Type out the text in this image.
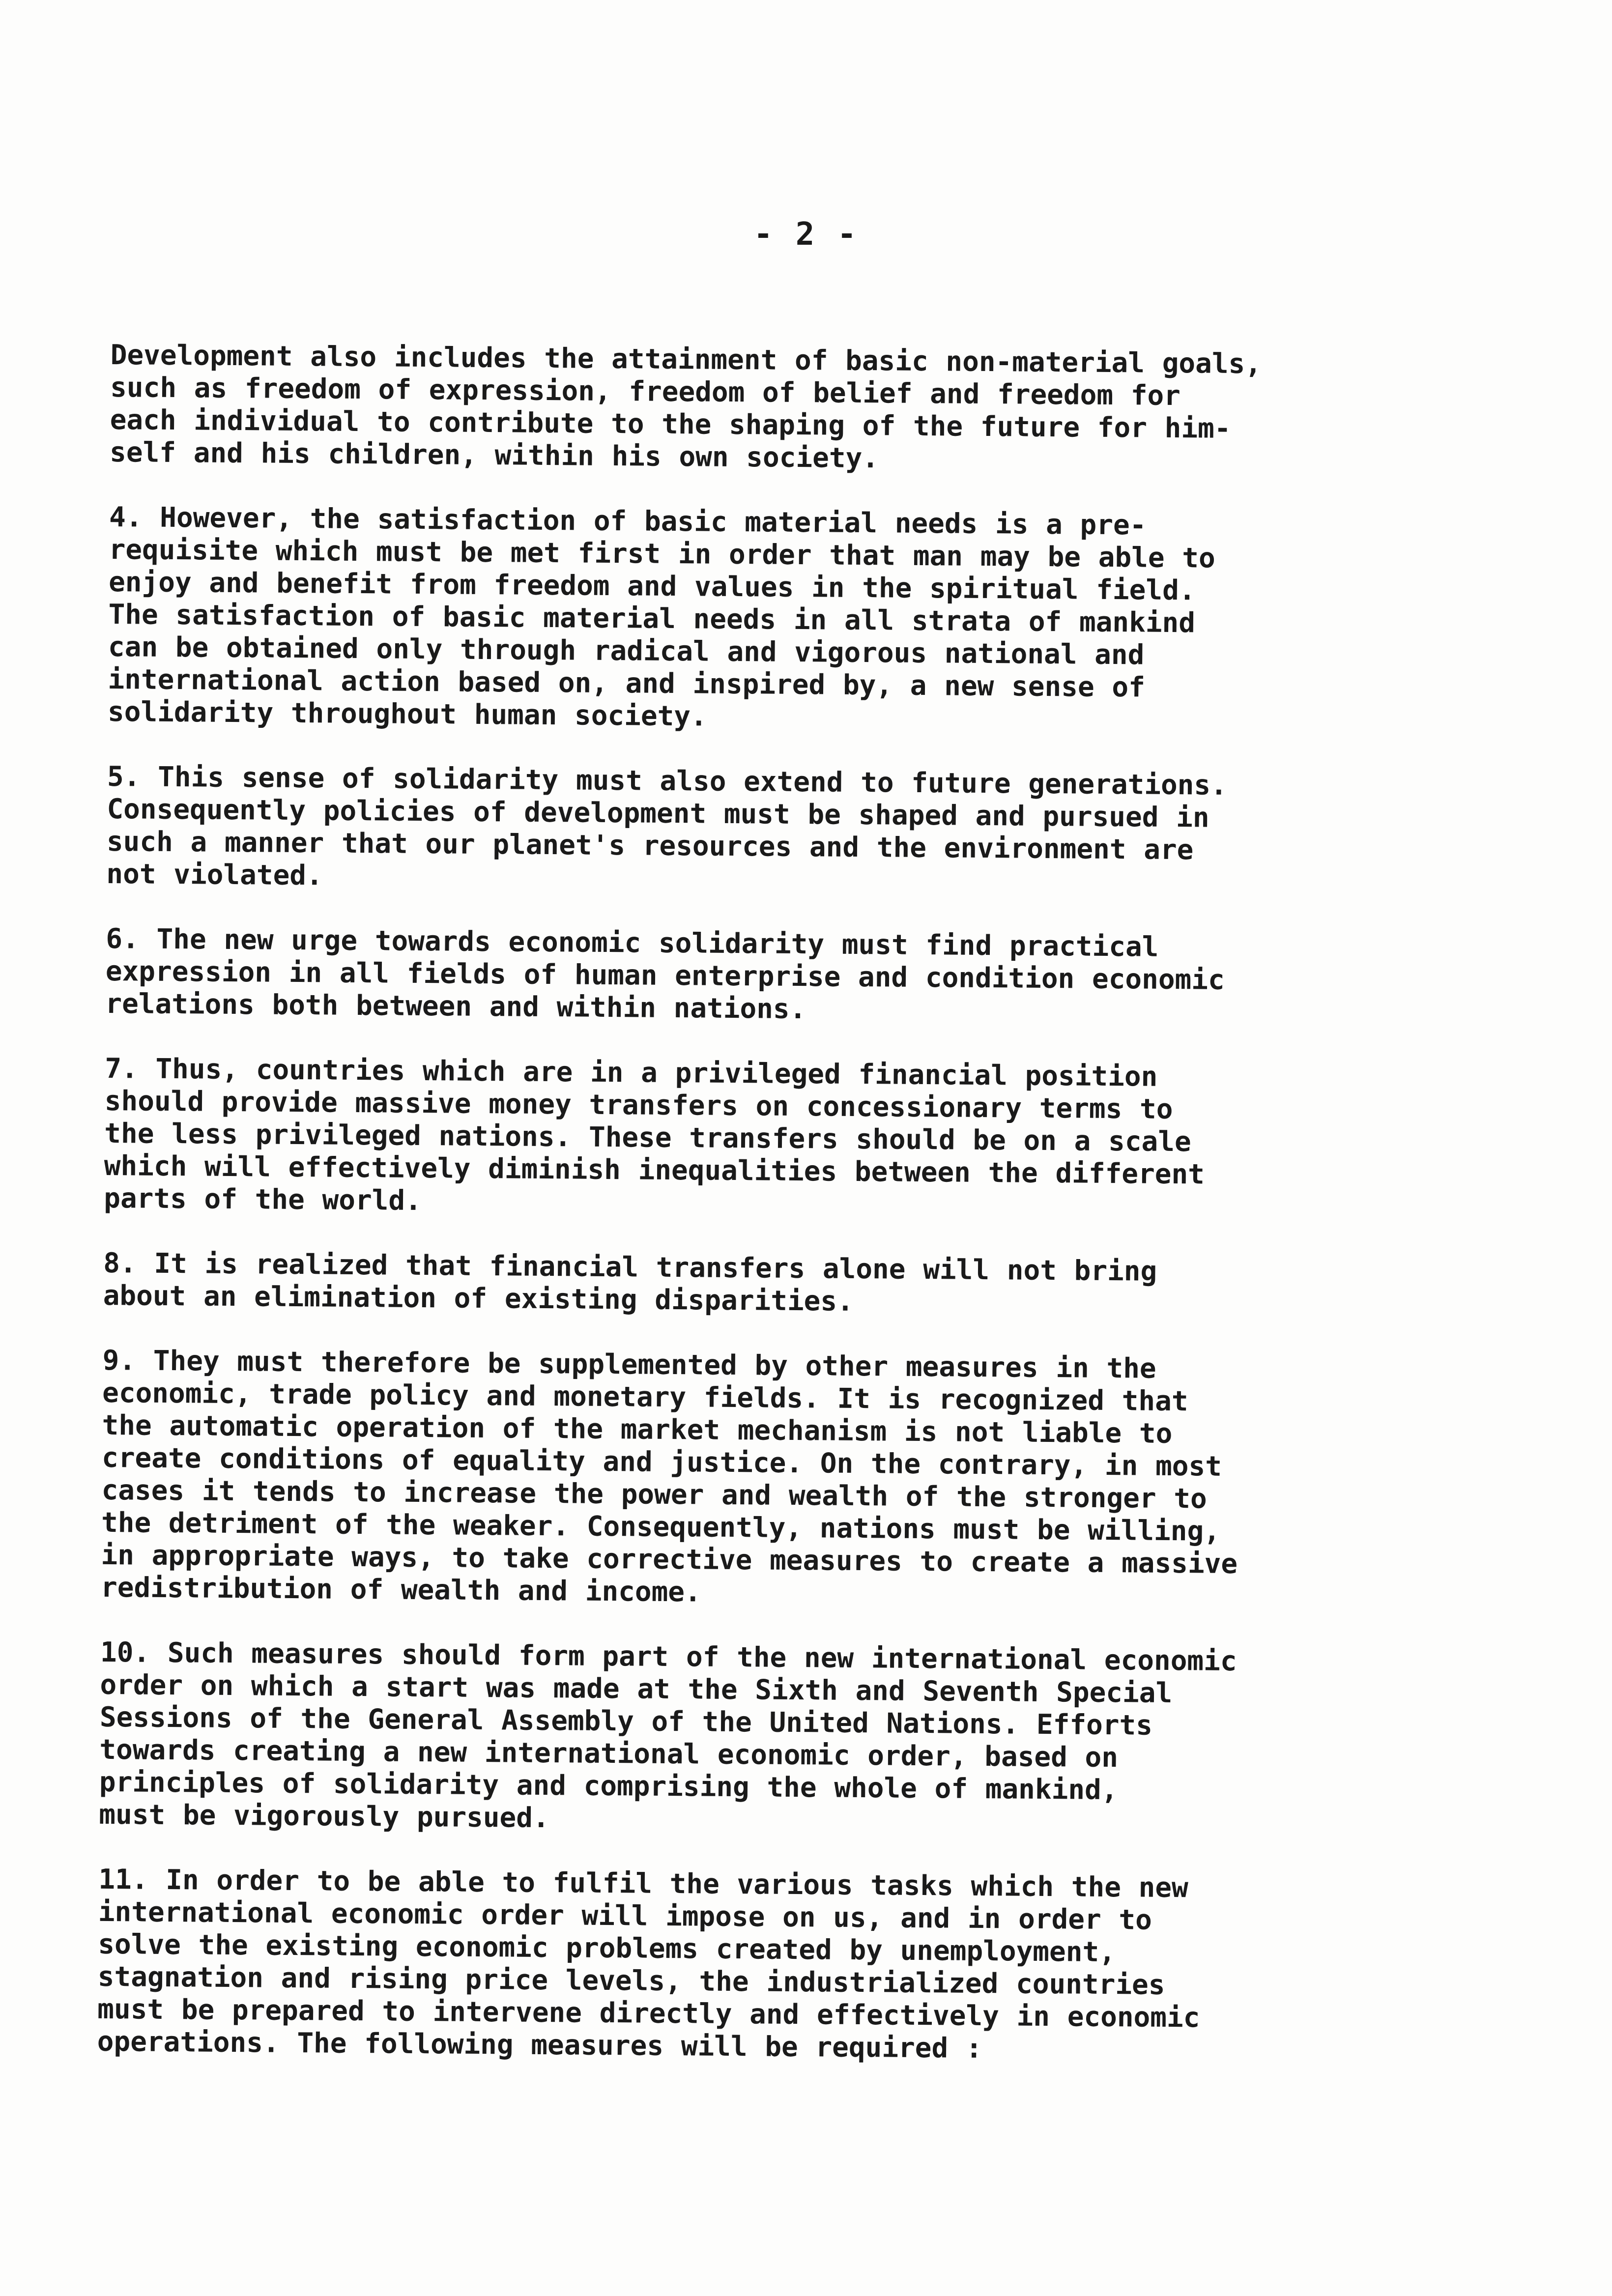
- 2 -

Development also includes the attainment of basic non-material goals,
such as freedom of expression, freedom of belief and freedom for
each individual to contribute to the shaping of the future for him-
self and his children, within his own society.

4. However, the satisfaction of basic material needs is a pre-
requisite which must be met first in order that man may be able to
enjoy and benefit from freedom and values in the spiritual field.
The satisfaction of basic material needs in all strata of mankind
can be obtained only through radical and vigorous national and
international action based on, and inspired by, a new sense of
solidarity throughout human society.

5. This sense of solidarity must also extend to future generations.
Consequently policies of development must be shaped and pursued in
such a manner that our planet's resources and the environment are
not violated.

6. The new urge towards economic solidarity must find practical
expression in all fields of human enterprise and condition economic
relations both between and within nations.

7. Thus, countries which are in a privileged financial position
should provide massive money transfers on concessionary terms to
the less privileged nations. These transfers should be on a scale
which will effectively diminish inequalities between the different
parts of the world.

8. It is realized that financial transfers alone will not bring
about an elimination of existing disparities.

9. They must therefore be supplemented by other measures in the
economic, trade policy and monetary fields. It is recognized that
the automatic operation of the market mechanism is not liable to
create conditions of equality and justice. On the contrary, in most
cases it tends to increase the power and wealth of the stronger to
the detriment of the weaker. Consequently, nations must be willing,
in appropriate ways, to take corrective measures to create a massive
redistribution of wealth and income.

10. Such measures should form part of the new international economic
order on which a start was made at the Sixth and Seventh Special
Sessions of the General Assembly of the United Nations. Efforts
towards creating a new international economic order, based on
principles of solidarity and comprising the whole of mankind,
must be vigorously pursued.

11. In order to be able to fulfil the various tasks which the new
international economic order will impose on us, and in order to
solve the existing economic problems created by unemployment,
stagnation and rising price levels, the industrialized countries
must be prepared to intervene directly and effectively in economic
operations. The following measures will be required :
